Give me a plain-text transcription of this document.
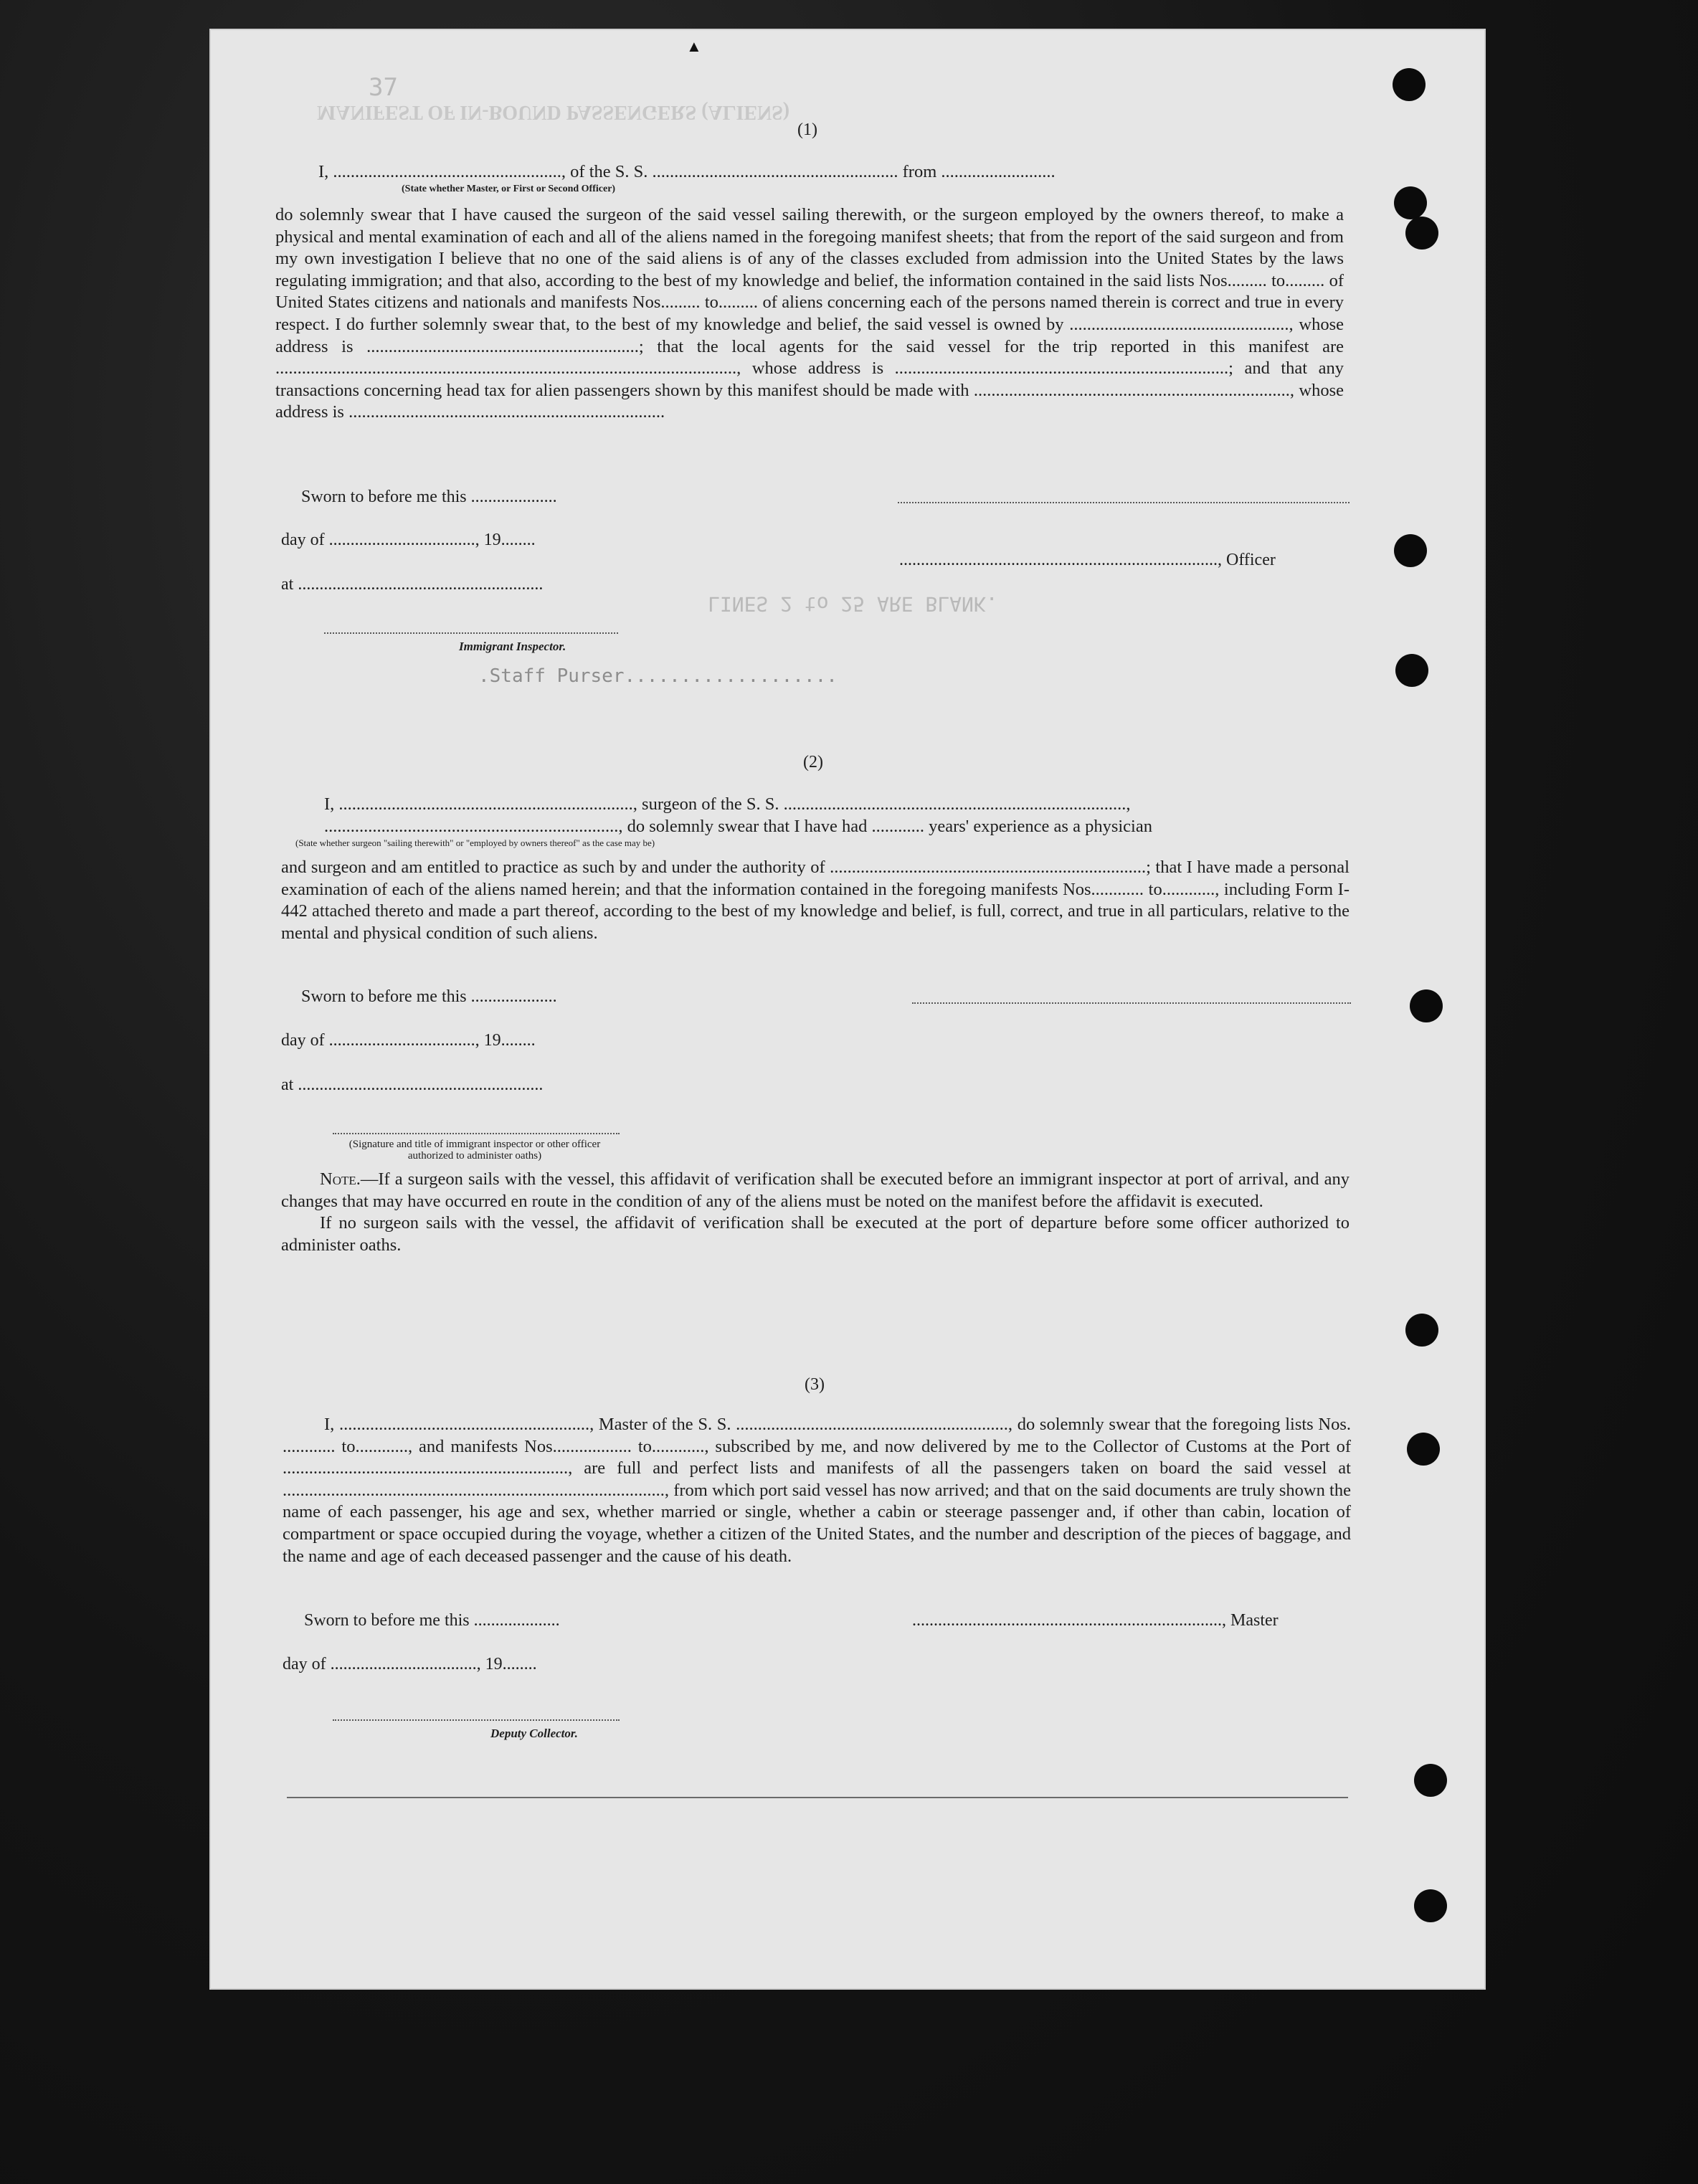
▲
37
MANIFEST OF IN-BOUND PASSENGERS (ALIENS)
LINES 2 to 25 ARE BLANK.
.Staff Purser...................
(1)
I, ...................................................., of the S. S. ........................................................ from ..........................
(State whether Master, or First or Second Officer)
do solemnly swear that I have caused the surgeon of the said vessel sailing therewith, or the surgeon employed by the owners thereof, to make a physical and mental examination of each and all of the aliens named in the foregoing manifest sheets; that from the report of the said surgeon and from my own investigation I believe that no one of the said aliens is of any of the classes excluded from admission into the United States by the laws regulating immigration; and that also, according to the best of my knowledge and belief, the information contained in the said lists Nos......... to......... of United States citizens and nationals and manifests Nos......... to......... of aliens concerning each of the persons named therein is correct and true in every respect. I do further solemnly swear that, to the best of my knowledge and belief, the said vessel is owned by .................................................., whose address is ..............................................................; that the local agents for the said vessel for the trip reported in this manifest are ........................................................................................................., whose address is ............................................................................; and that any transactions concerning head tax for alien passengers shown by this manifest should be made with ........................................................................, whose address is ........................................................................
Sworn to before me this ....................
day of .................................., 19........
at .........................................................
.........................................................................., Officer
Immigrant Inspector.
(2)
I, ..................................................................., surgeon of the S. S. ..............................................................................,
..................................................................., do solemnly swear that I have had ............ years' experience as a physician
(State whether surgeon "sailing therewith" or "employed by owners thereof" as the case may be)
and surgeon and am entitled to practice as such by and under the authority of ........................................................................; that I have made a personal examination of each of the aliens named herein; and that the information contained in the foregoing manifests Nos............ to............, including Form I-442 attached thereto and made a part thereof, according to the best of my knowledge and belief, is full, correct, and true in all particulars, relative to the mental and physical condition of such aliens.
Sworn to before me this ....................
day of .................................., 19........
at .........................................................
(Signature and title of immigrant inspector or other officer authorized to administer oaths)

Note.—If a surgeon sails with the vessel, this affidavit of verification shall be executed before an immigrant inspector at port of arrival, and any changes that may have occurred en route in the condition of any of the aliens must be noted on the manifest before the affidavit is executed.

If no surgeon sails with the vessel, the affidavit of verification shall be executed at the port of departure before some officer authorized to administer oaths.

(3)
I, ........................................................., Master of the S. S. .............................................................., do solemnly swear that the foregoing lists Nos. ............ to............, and manifests Nos.................. to............, subscribed by me, and now delivered by me to the Collector of Customs at the Port of ................................................................., are full and perfect lists and manifests of all the passengers taken on board the said vessel at ......................................................................................., from which port said vessel has now arrived; and that on the said documents are truly shown the name of each passenger, his age and sex, whether married or single, whether a cabin or steerage passenger and, if other than cabin, location of compartment or space occupied during the voyage, whether a citizen of the United States, and the number and description of the pieces of baggage, and the name and age of each deceased passenger and the cause of his death.
Sworn to before me this ....................
day of .................................., 19........
........................................................................, Master
Deputy Collector.
